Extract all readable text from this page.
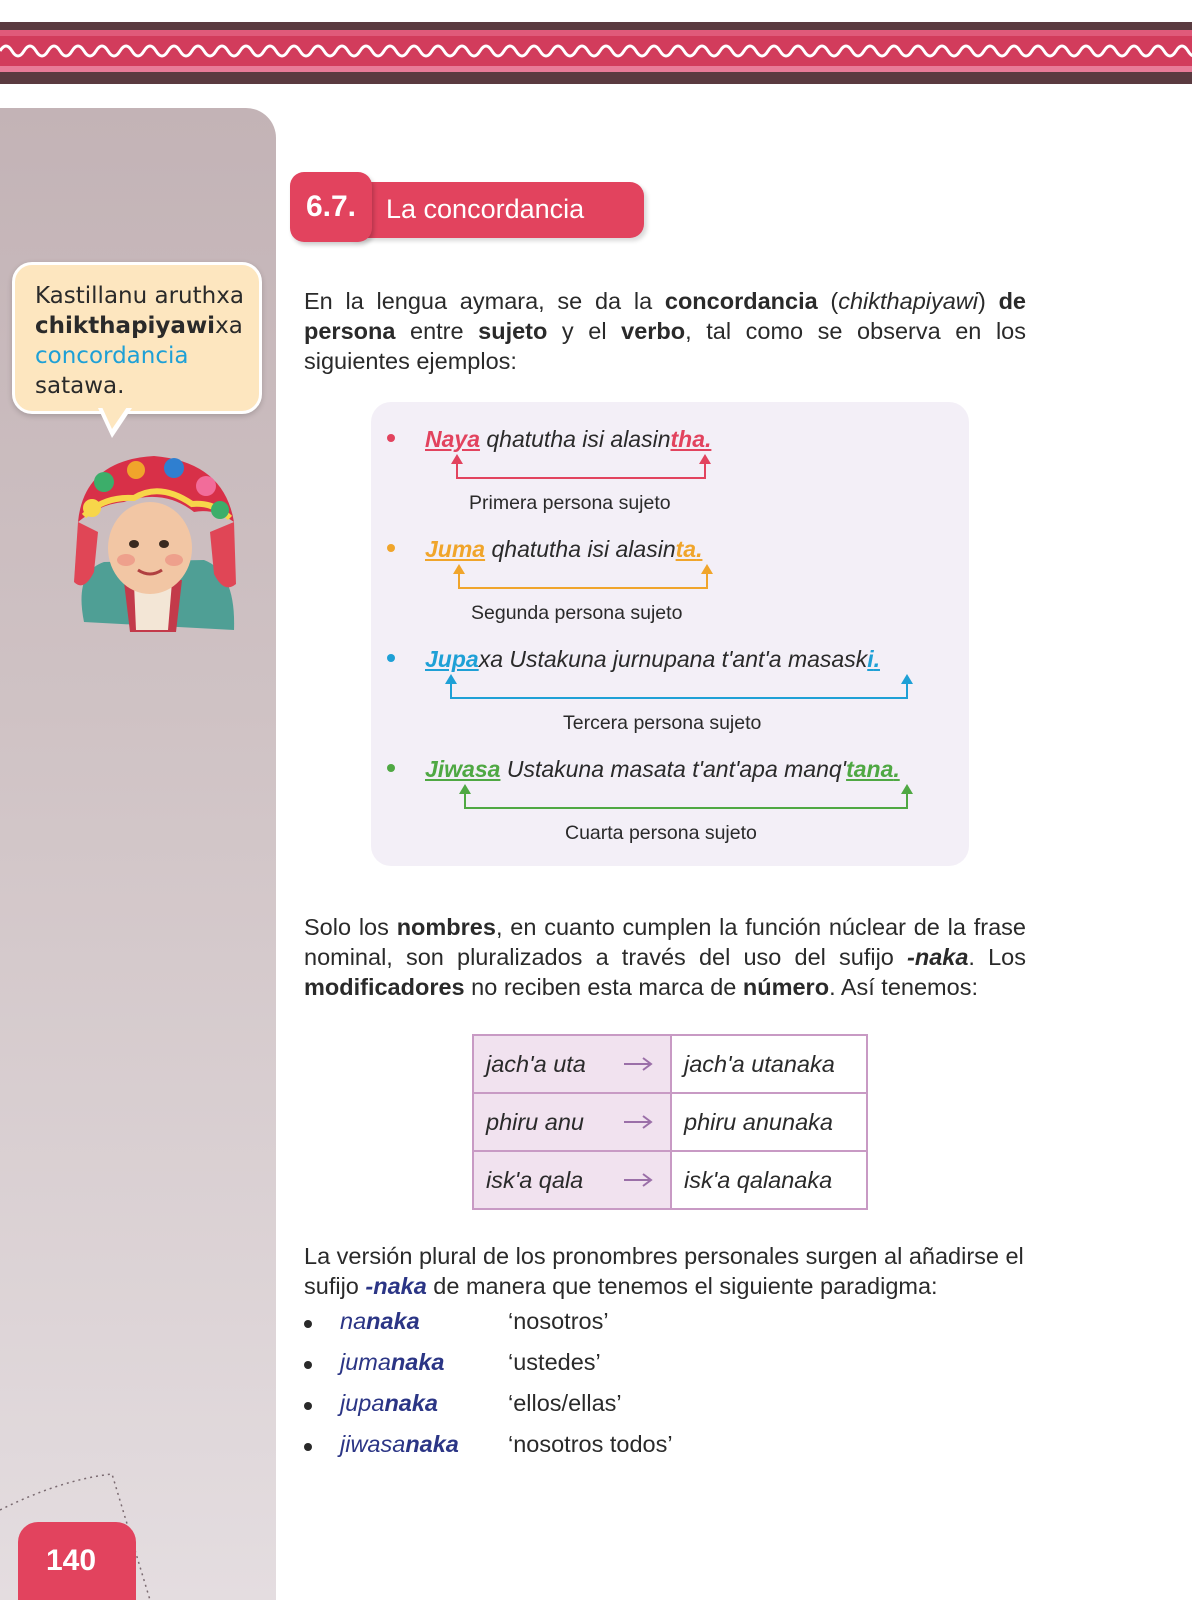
Kastillanu aruthxa
chikthapiyawixa
concordancia
satawa.
140
La concordancia
6.7.

En la lengua aymara, se da la concordancia (chikthapiyawi) de persona entre sujeto y el verbo, tal como se observa en los siguientes ejemplos:

Naya qhatutha isi alasintha.
Primera persona sujeto
Juma qhatutha isi alasinta.
Segunda persona sujeto
Jupaxa Ustakuna jurnupana t'ant'a masaski.
Tercera persona sujeto
Jiwasa Ustakuna masata t'ant'apa manq'tana.
Cuarta persona sujeto

Solo los nombres, en cuanto cumplen la función núclear de la frase nominal, son pluralizados a través del uso del sufijo -naka. Los modificadores no reciben esta marca de número. Así tenemos:

jach'a uta	jach'a utanaka
phiru anu	phiru anunaka
isk'a qala	isk'a qalanaka

La versión plural de los pronombres personales surgen al añadirse el sufijo -naka de manera que tenemos el siguiente paradigma:

nanaka	‘nosotros’
jumanaka	‘ustedes’
jupanaka	‘ellos/ellas’
jiwasanaka ‘nosotros todos’
